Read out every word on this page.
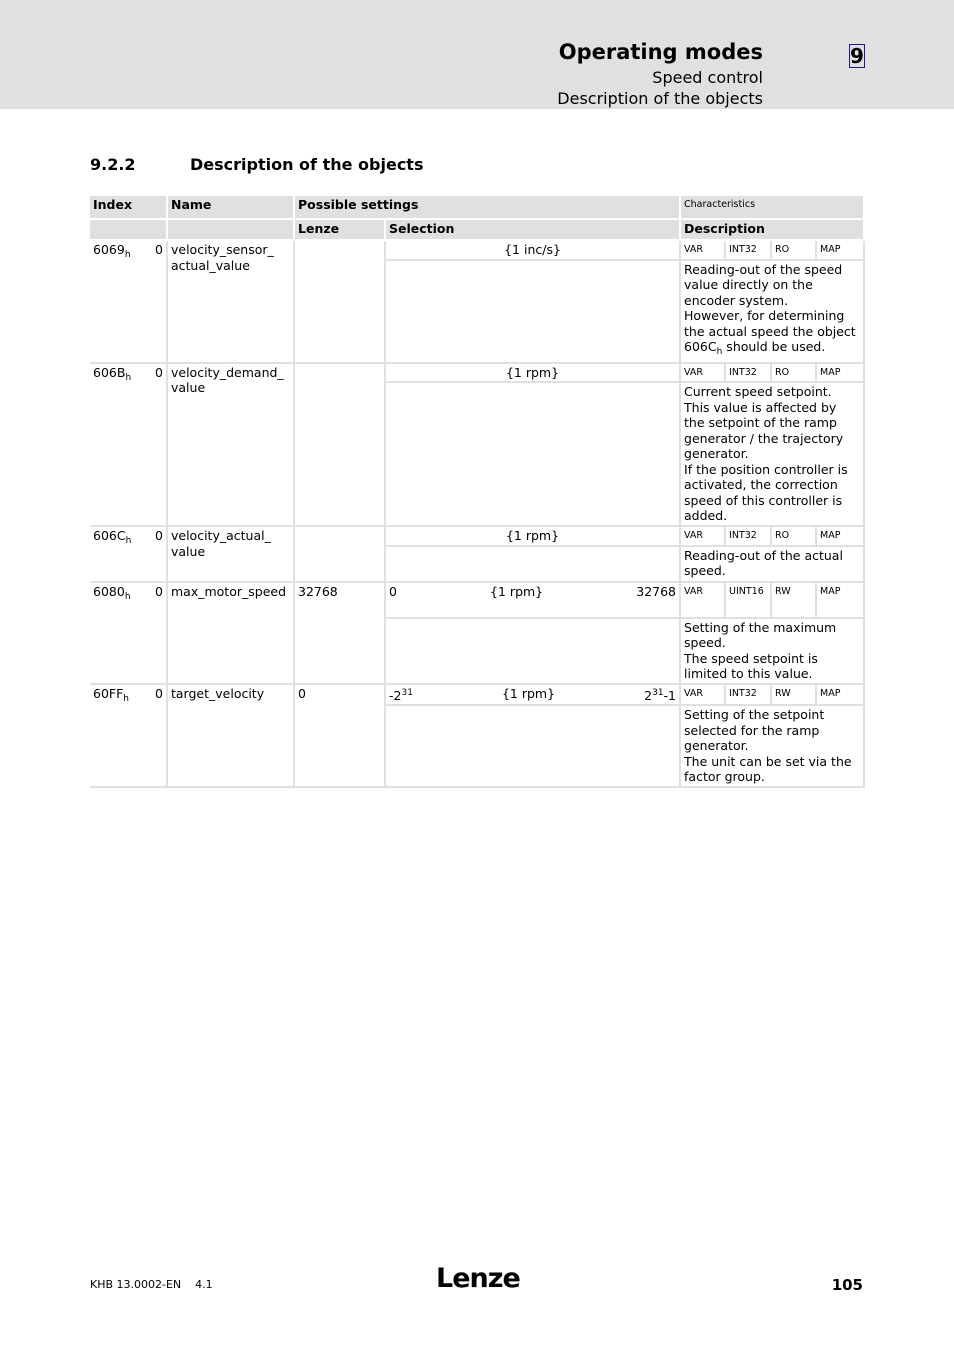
Operating modes
Speed control
Description of the objects
9
9.2.2	Description of the objects
Index	Name	Possible settings		Characteristics			
		Lenze	Selection	Description			

$6069_h$ 0	velocity_sensor_ actual_value		{1 inc/s}	VAR	INT32	RO	MAP
				Reading-out of the speed value directly on the encoder system.
However, for determining the actual speed the object $606C_h$ should be used.			

$606B_h$ 0	velocity_demand_ value		{1 rpm}	VAR	INT32	RO	MAP
				Current speed setpoint.
This value is affected by the setpoint of the ramp generator / the trajectory generator.
If the position controller is activated, the correction speed of this controller is added.			

$606C_h$ 0	velocity_actual_ value		{1 rpm}	VAR	INT32	RO	MAP
				Reading-out of the actual speed.			

$6080_h$ 0	max_motor_speed	32768	0 {1 rpm} 32768	VAR	UINT16	RW	MAP
				Setting of the maximum speed.
The speed setpoint is limited to this value.			

$60FF_h$ 0	target_velocity	0	$-2^{31}$ {1 rpm} $2^{31}-1$	VAR	INT32	RW	MAP
				Setting of the setpoint selected for the ramp generator.
The unit can be set via the factor group.			
KHB 13.0002-EN 4.1	Lenze	105
